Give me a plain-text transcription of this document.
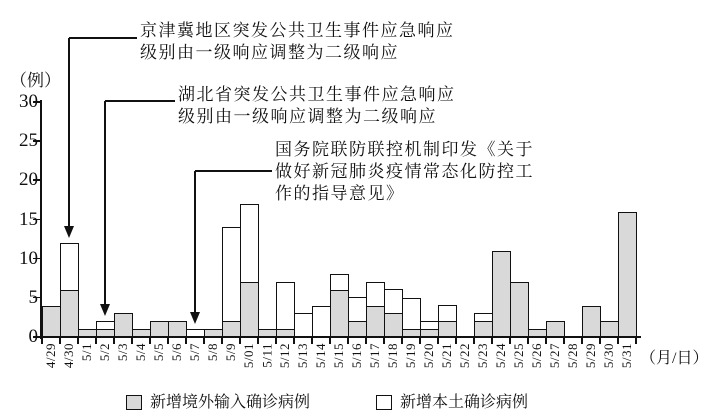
（例）
（月/日）
0
5
10
15
20
25
30
4/29 4/30 5/1 5/2 5/3 5/4 5/5 5/6 5/7 5/8 5/9 5/01 5/11 5/12 5/13 5/14 5/15 5/16 5/17 5/18 5/19 5/20 5/21 5/22 5/23 5/24 5/25 5/26 5/27 5/28 5/29 5/30 5/31
京津冀地区突发公共卫生事件应急响应
级别由一级响应调整为二级响应
湖北省突发公共卫生事件应急响应
级别由一级响应调整为二级响应
国务院联防联控机制印发《关于
做好新冠肺炎疫情常态化防控工
作的指导意见》
新增境外输入确诊病例	新增本土确诊病例
